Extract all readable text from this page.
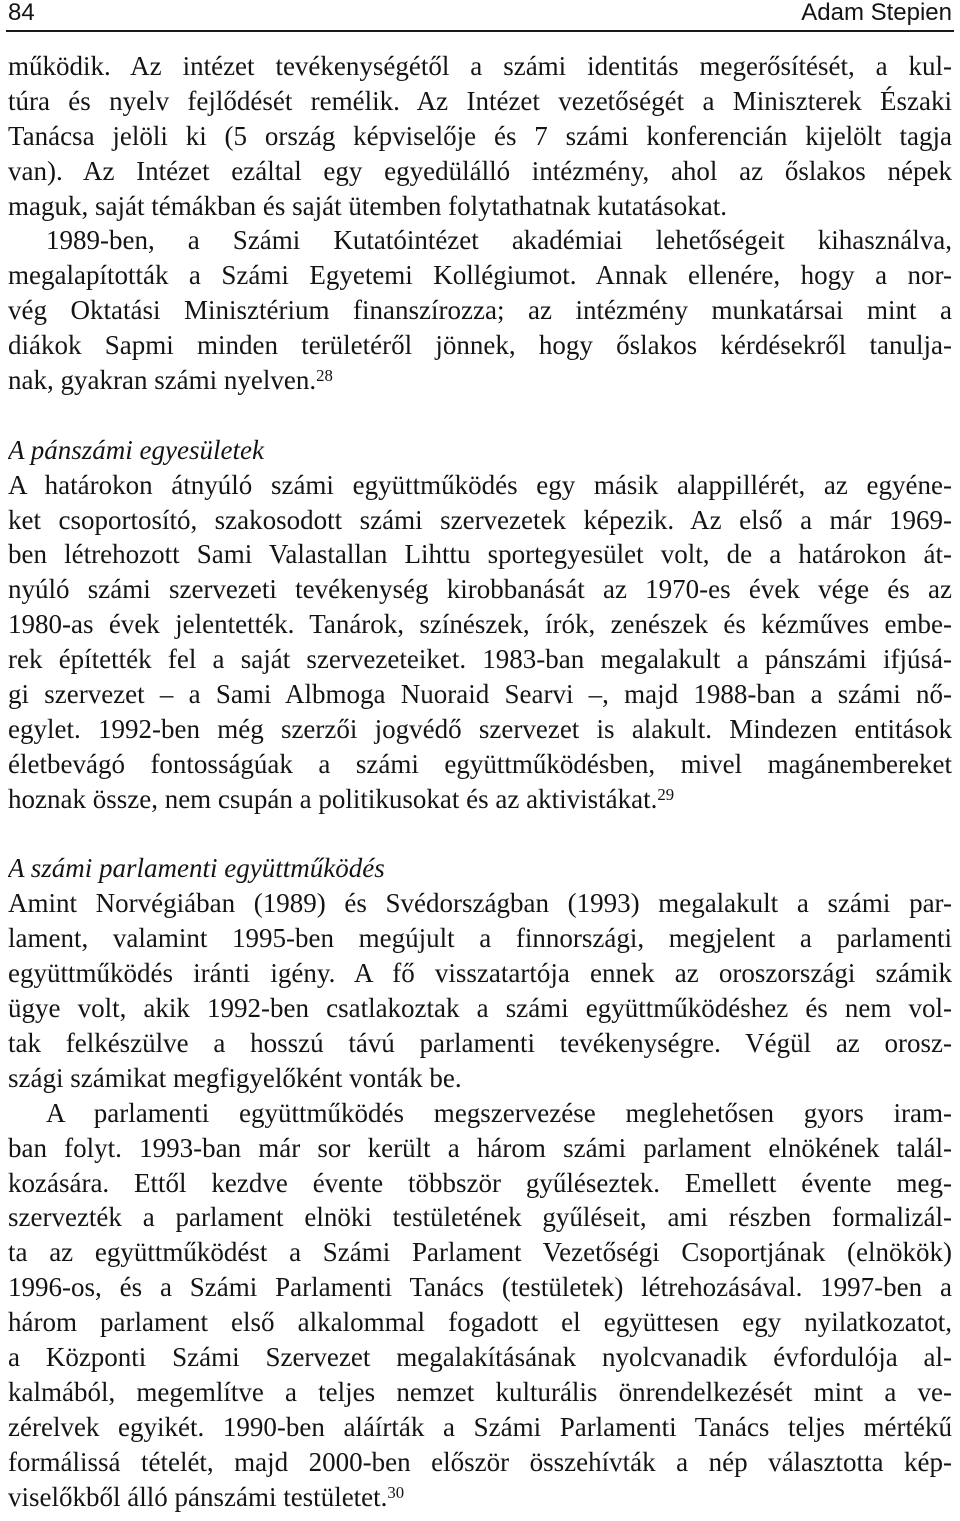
84	Adam Stepien
működik. Az intézet tevékenységétől a számi identitás megerősítését, a kul-
túra és nyelv fejlődését remélik. Az Intézet vezetőségét a Miniszterek Északi
Tanácsa jelöli ki (5 ország képviselője és 7 számi konferencián kijelölt tagja
van). Az Intézet ezáltal egy egyedülálló intézmény, ahol az őslakos népek
maguk, saját témákban és saját ütemben folytathatnak kutatásokat.
1989-ben, a Számi Kutatóintézet akadémiai lehetőségeit kihasználva,
megalapították a Számi Egyetemi Kollégiumot. Annak ellenére, hogy a nor-
vég Oktatási Minisztérium finanszírozza; az intézmény munkatársai mint a
diákok Sapmi minden területéről jönnek, hogy őslakos kérdésekről tanulja-
nak, gyakran számi nyelven.$^{28}$
A pánszámi egyesületek
A határokon átnyúló számi együttműködés egy másik alappillérét, az egyéne-
ket csoportosító, szakosodott számi szervezetek képezik. Az első a már 1969-
ben létrehozott Sami Valastallan Lihttu sportegyesület volt, de a határokon át-
nyúló számi szervezeti tevékenység kirobbanását az 1970-es évek vége és az
1980-as évek jelentették. Tanárok, színészek, írók, zenészek és kézműves embe-
rek építették fel a saját szervezeteiket. 1983-ban megalakult a pánszámi ifjúsá-
gi szervezet – a Sami Albmoga Nuoraid Searvi –, majd 1988-ban a számi nő-
egylet. 1992-ben még szerzői jogvédő szervezet is alakult. Mindezen entitások
életbevágó fontosságúak a számi együttműködésben, mivel magánembereket
hoznak össze, nem csupán a politikusokat és az aktivistákat.$^{29}$
A számi parlamenti együttműködés
Amint Norvégiában (1989) és Svédországban (1993) megalakult a számi par-
lament, valamint 1995-ben megújult a finnországi, megjelent a parlamenti
együttműködés iránti igény. A fő visszatartója ennek az oroszországi számik
ügye volt, akik 1992-ben csatlakoztak a számi együttműködéshez és nem vol-
tak felkészülve a hosszú távú parlamenti tevékenységre. Végül az orosz-
szági számikat megfigyelőként vonták be.
A parlamenti együttműködés megszervezése meglehetősen gyors iram-
ban folyt. 1993-ban már sor került a három számi parlament elnökének talál-
kozására. Ettől kezdve évente többször gyűléseztek. Emellett évente meg-
szervezték a parlament elnöki testületének gyűléseit, ami részben formalizál-
ta az együttműködést a Számi Parlament Vezetőségi Csoportjának (elnökök)
1996-os, és a Számi Parlamenti Tanács (testületek) létrehozásával. 1997-ben a
három parlament első alkalommal fogadott el együttesen egy nyilatkozatot,
a Központi Számi Szervezet megalakításának nyolcvanadik évfordulója al-
kalmából, megemlítve a teljes nemzet kulturális önrendelkezését mint a ve-
zérelvek egyikét. 1990-ben aláírták a Számi Parlamenti Tanács teljes mértékű
formálissá tételét, majd 2000-ben először összehívták a nép választotta kép-
viselőkből álló pánszámi testületet.$^{30}$
